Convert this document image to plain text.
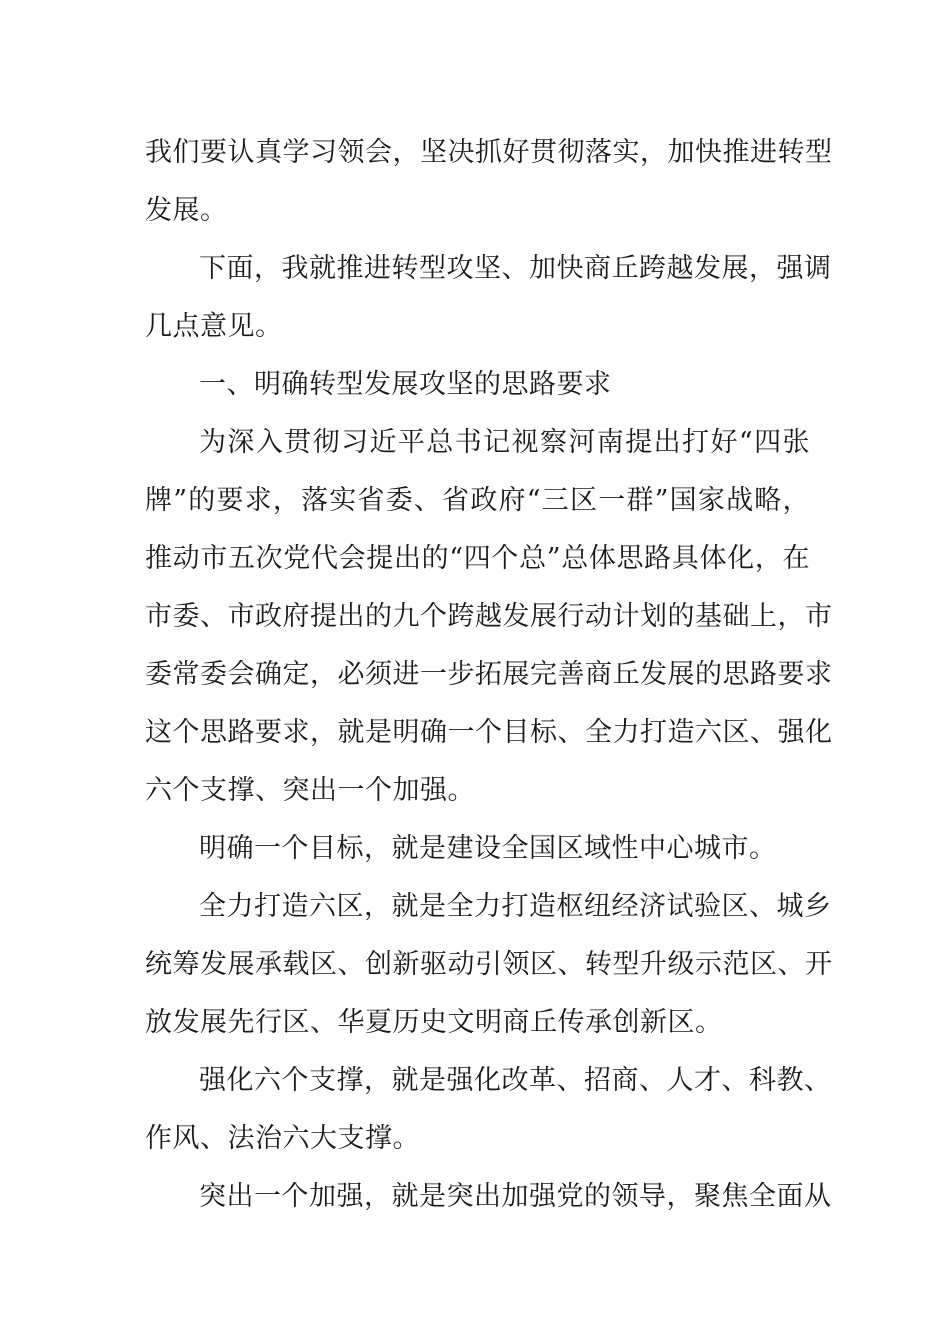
我们要认真学习领会，坚决抓好贯彻落实，加快推进转型
发展。
下面，我就推进转型攻坚、加快商丘跨越发展，强调
几点意见。
一、明确转型发展攻坚的思路要求
为深入贯彻习近平总书记视察河南提出打好“四张
牌”的要求，落实省委、省政府“三区一群”国家战略，
推动市五次党代会提出的“四个总”总体思路具体化，在
市委、市政府提出的九个跨越发展行动计划的基础上，市
委常委会确定，必须进一步拓展完善商丘发展的思路要求
这个思路要求，就是明确一个目标、全力打造六区、强化
六个支撑、突出一个加强。
明确一个目标，就是建设全国区域性中心城市。
全力打造六区，就是全力打造枢纽经济试验区、城乡
统筹发展承载区、创新驱动引领区、转型升级示范区、开
放发展先行区、华夏历史文明商丘传承创新区。
强化六个支撑，就是强化改革、招商、人才、科教、
作风、法治六大支撑。
突出一个加强，就是突出加强党的领导，聚焦全面从
